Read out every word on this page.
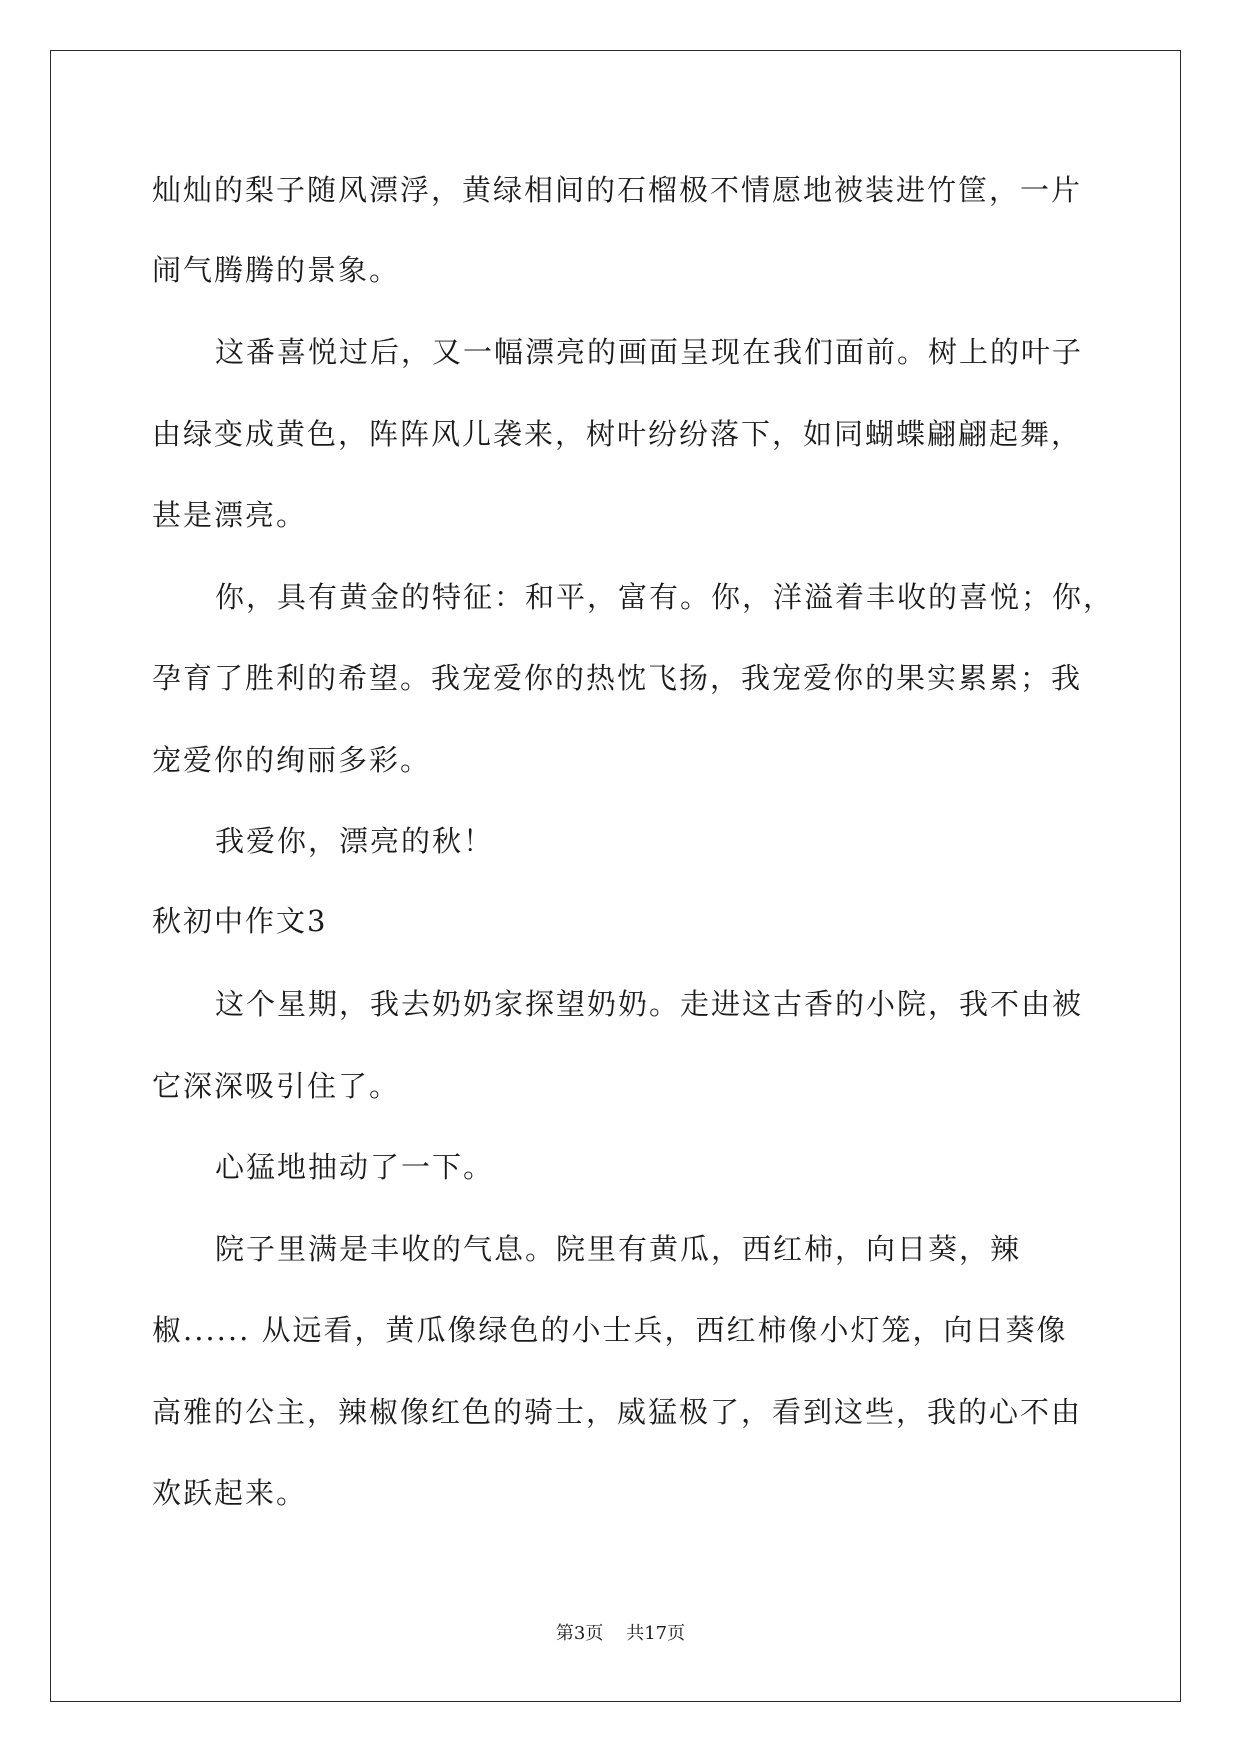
灿灿的梨子随风漂浮，黄绿相间的石榴极不情愿地被装进竹筐，一片
闹气腾腾的景象。
这番喜悦过后，又一幅漂亮的画面呈现在我们面前。树上的叶子
由绿变成黄色，阵阵风儿袭来，树叶纷纷落下，如同蝴蝶翩翩起舞，
甚是漂亮。
你，具有黄金的特征：和平，富有。你，洋溢着丰收的喜悦；你，
孕育了胜利的希望。我宠爱你的热忱飞扬，我宠爱你的果实累累；我
宠爱你的绚丽多彩。
我爱你，漂亮的秋！
秋初中作文3
这个星期，我去奶奶家探望奶奶。走进这古香的小院，我不由被
它深深吸引住了。
心猛地抽动了一下。
院子里满是丰收的气息。院里有黄瓜，西红柿，向日葵，辣
椒...... 从远看，黄瓜像绿色的小士兵，西红柿像小灯笼，向日葵像
高雅的公主，辣椒像红色的骑士，威猛极了，看到这些，我的心不由
欢跃起来。
第3页 共17页
